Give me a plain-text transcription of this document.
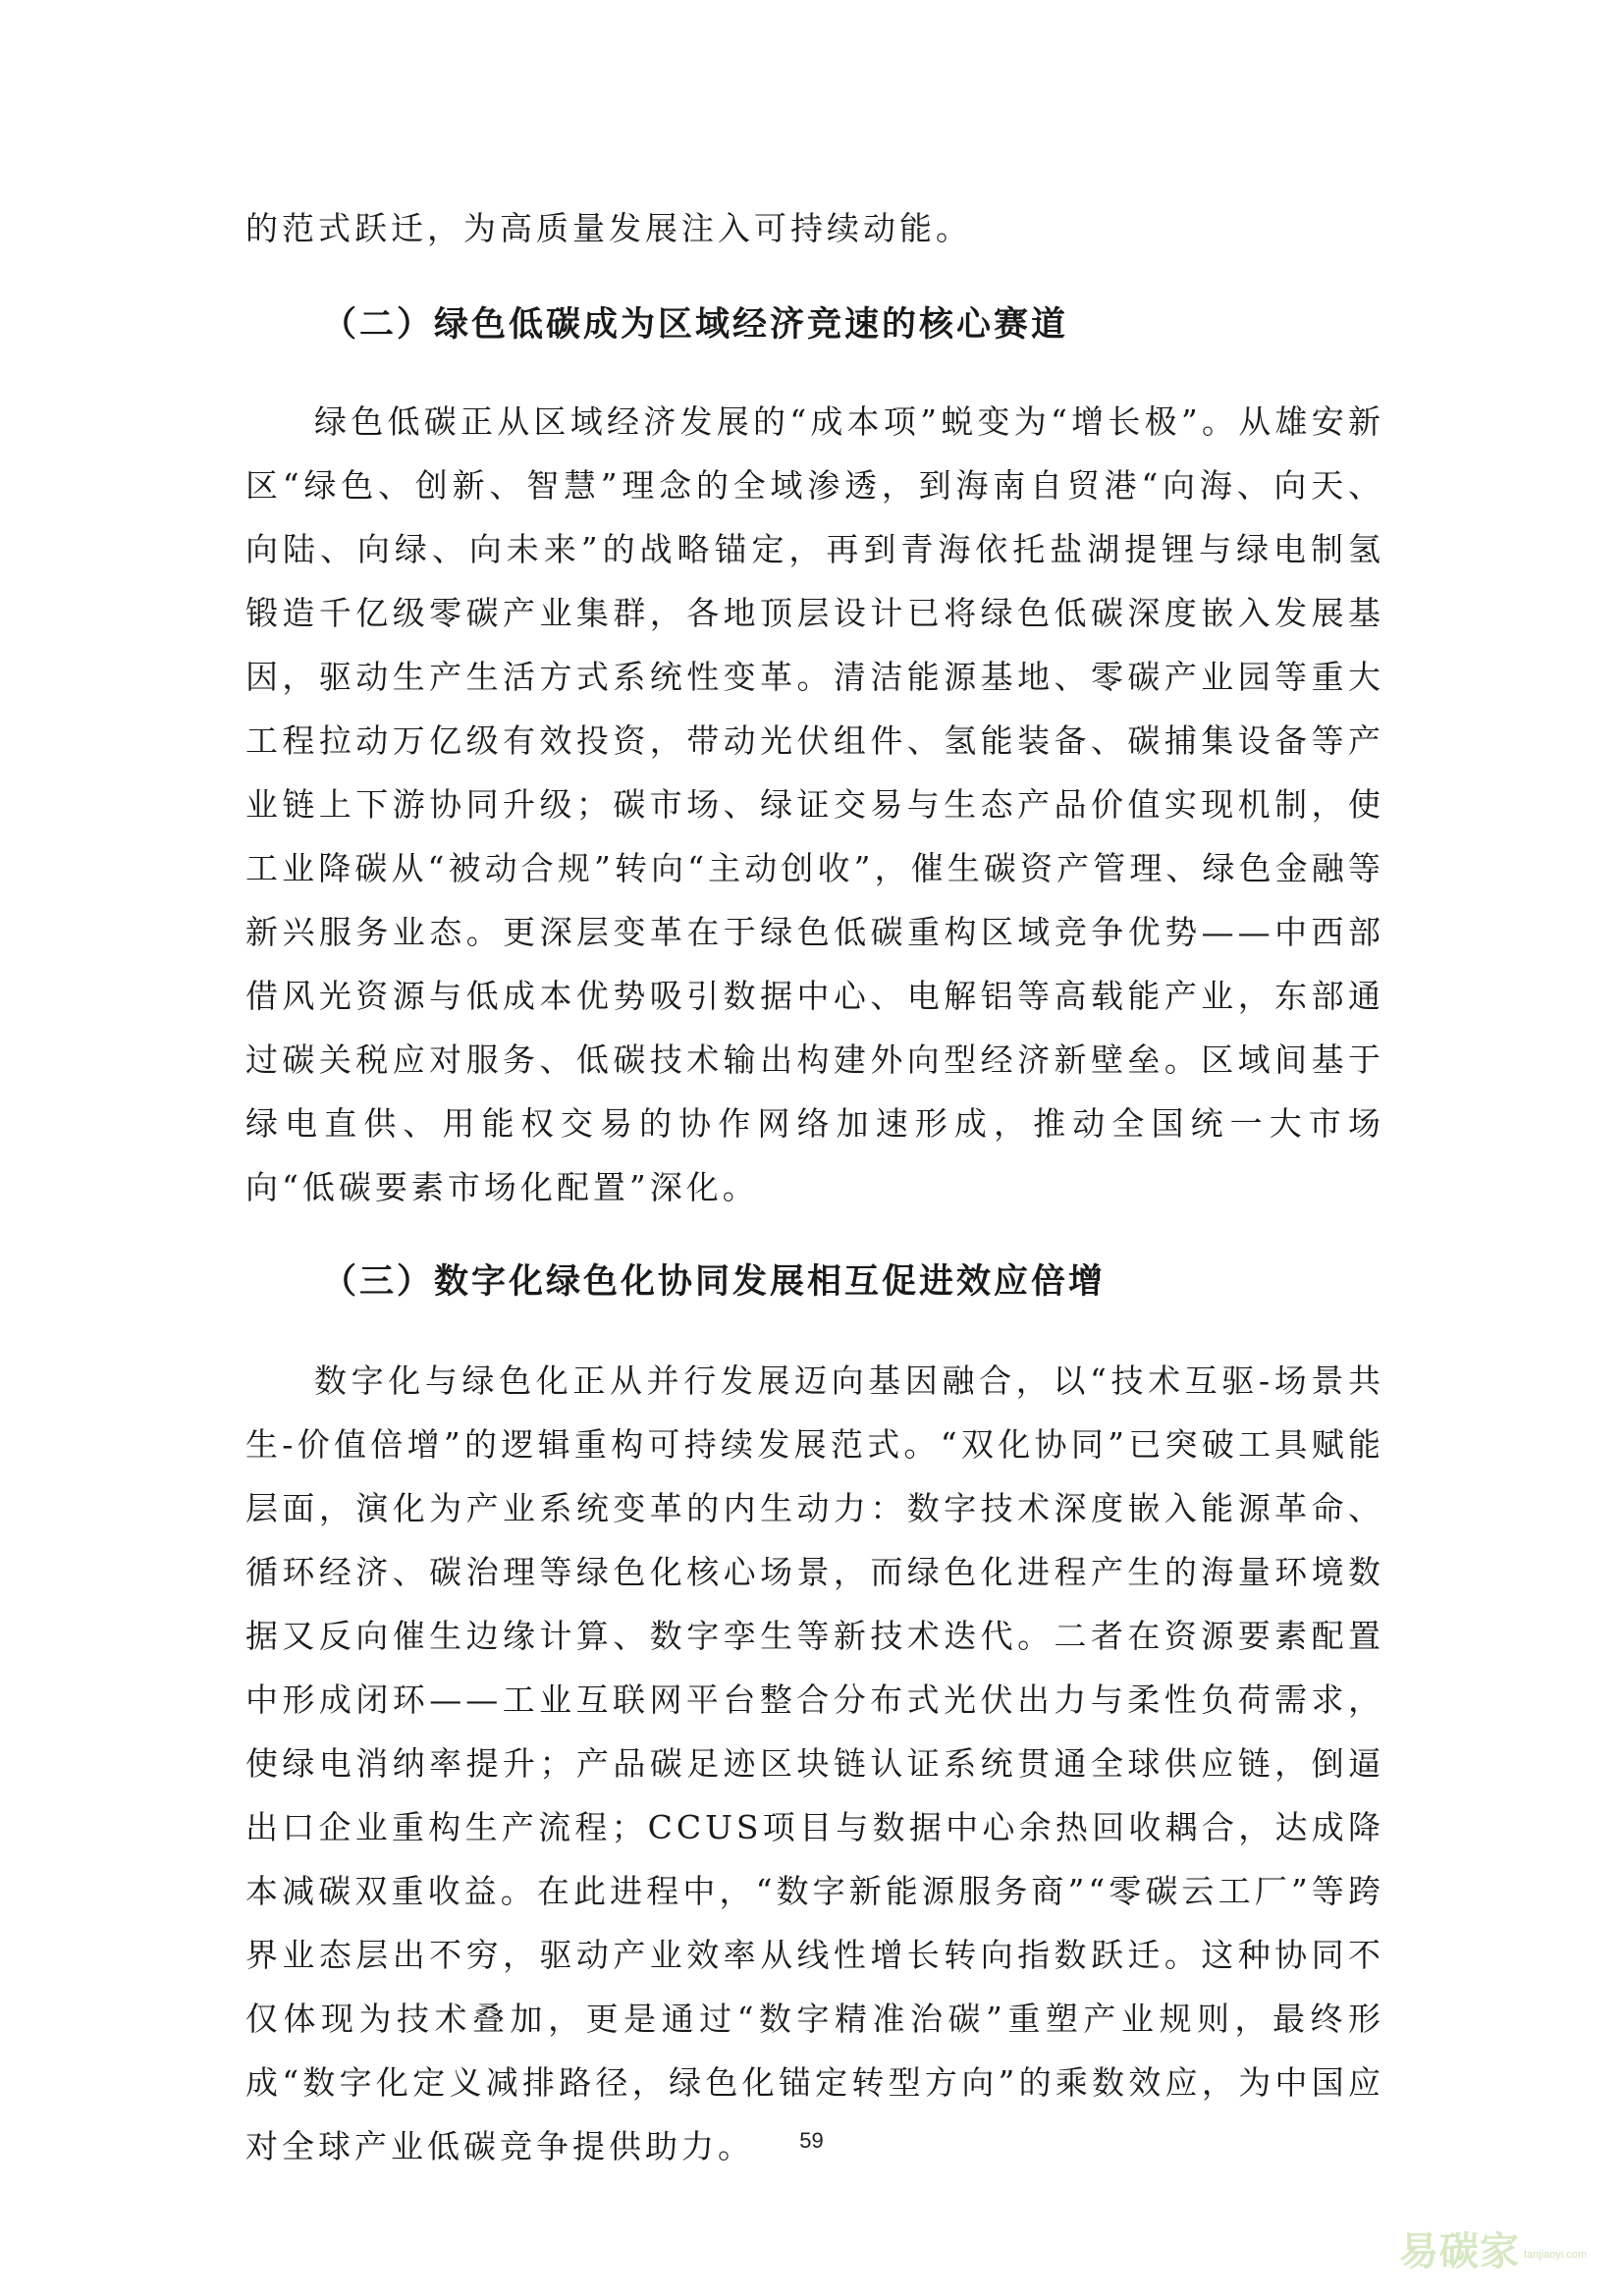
的范式跃迁，为高质量发展注入可持续动能。

（二）绿色低碳成为区域经济竞速的核心赛道

绿色低碳正从区域经济发展的“成本项”蜕变为“增长极”。从雄安新区“绿色、创新、智慧”理念的全域渗透，到海南自贸港“向海、向天、向陆、向绿、向未来”的战略锚定，再到青海依托盐湖提锂与绿电制氢锻造千亿级零碳产业集群，各地顶层设计已将绿色低碳深度嵌入发展基因，驱动生产生活方式系统性变革。清洁能源基地、零碳产业园等重大工程拉动万亿级有效投资，带动光伏组件、氢能装备、碳捕集设备等产业链上下游协同升级；碳市场、绿证交易与生态产品价值实现机制，使工业降碳从“被动合规”转向“主动创收”，催生碳资产管理、绿色金融等新兴服务业态。更深层变革在于绿色低碳重构区域竞争优势——中西部借风光资源与低成本优势吸引数据中心、电解铝等高载能产业，东部通过碳关税应对服务、低碳技术输出构建外向型经济新壁垒。区域间基于绿电直供、用能权交易的协作网络加速形成，推动全国统一大市场向“低碳要素市场化配置”深化。

（三）数字化绿色化协同发展相互促进效应倍增

数字化与绿色化正从并行发展迈向基因融合，以“技术互驱-场景共生-价值倍增”的逻辑重构可持续发展范式。“双化协同”已突破工具赋能层面，演化为产业系统变革的内生动力：数字技术深度嵌入能源革命、循环经济、碳治理等绿色化核心场景，而绿色化进程产生的海量环境数据又反向催生边缘计算、数字孪生等新技术迭代。二者在资源要素配置中形成闭环——工业互联网平台整合分布式光伏出力与柔性负荷需求，使绿电消纳率提升；产品碳足迹区块链认证系统贯通全球供应链，倒逼出口企业重构生产流程；CCUS项目与数据中心余热回收耦合，达成降本减碳双重收益。在此进程中，“数字新能源服务商”“零碳云工厂”等跨界业态层出不穷，驱动产业效率从线性增长转向指数跃迁。这种协同不仅体现为技术叠加，更是通过“数字精准治碳”重塑产业规则，最终形成“数字化定义减排路径，绿色化锚定转型方向”的乘数效应，为中国应对全球产业低碳竞争提供助力。	59
易碳家 tanjiaoyi.com
